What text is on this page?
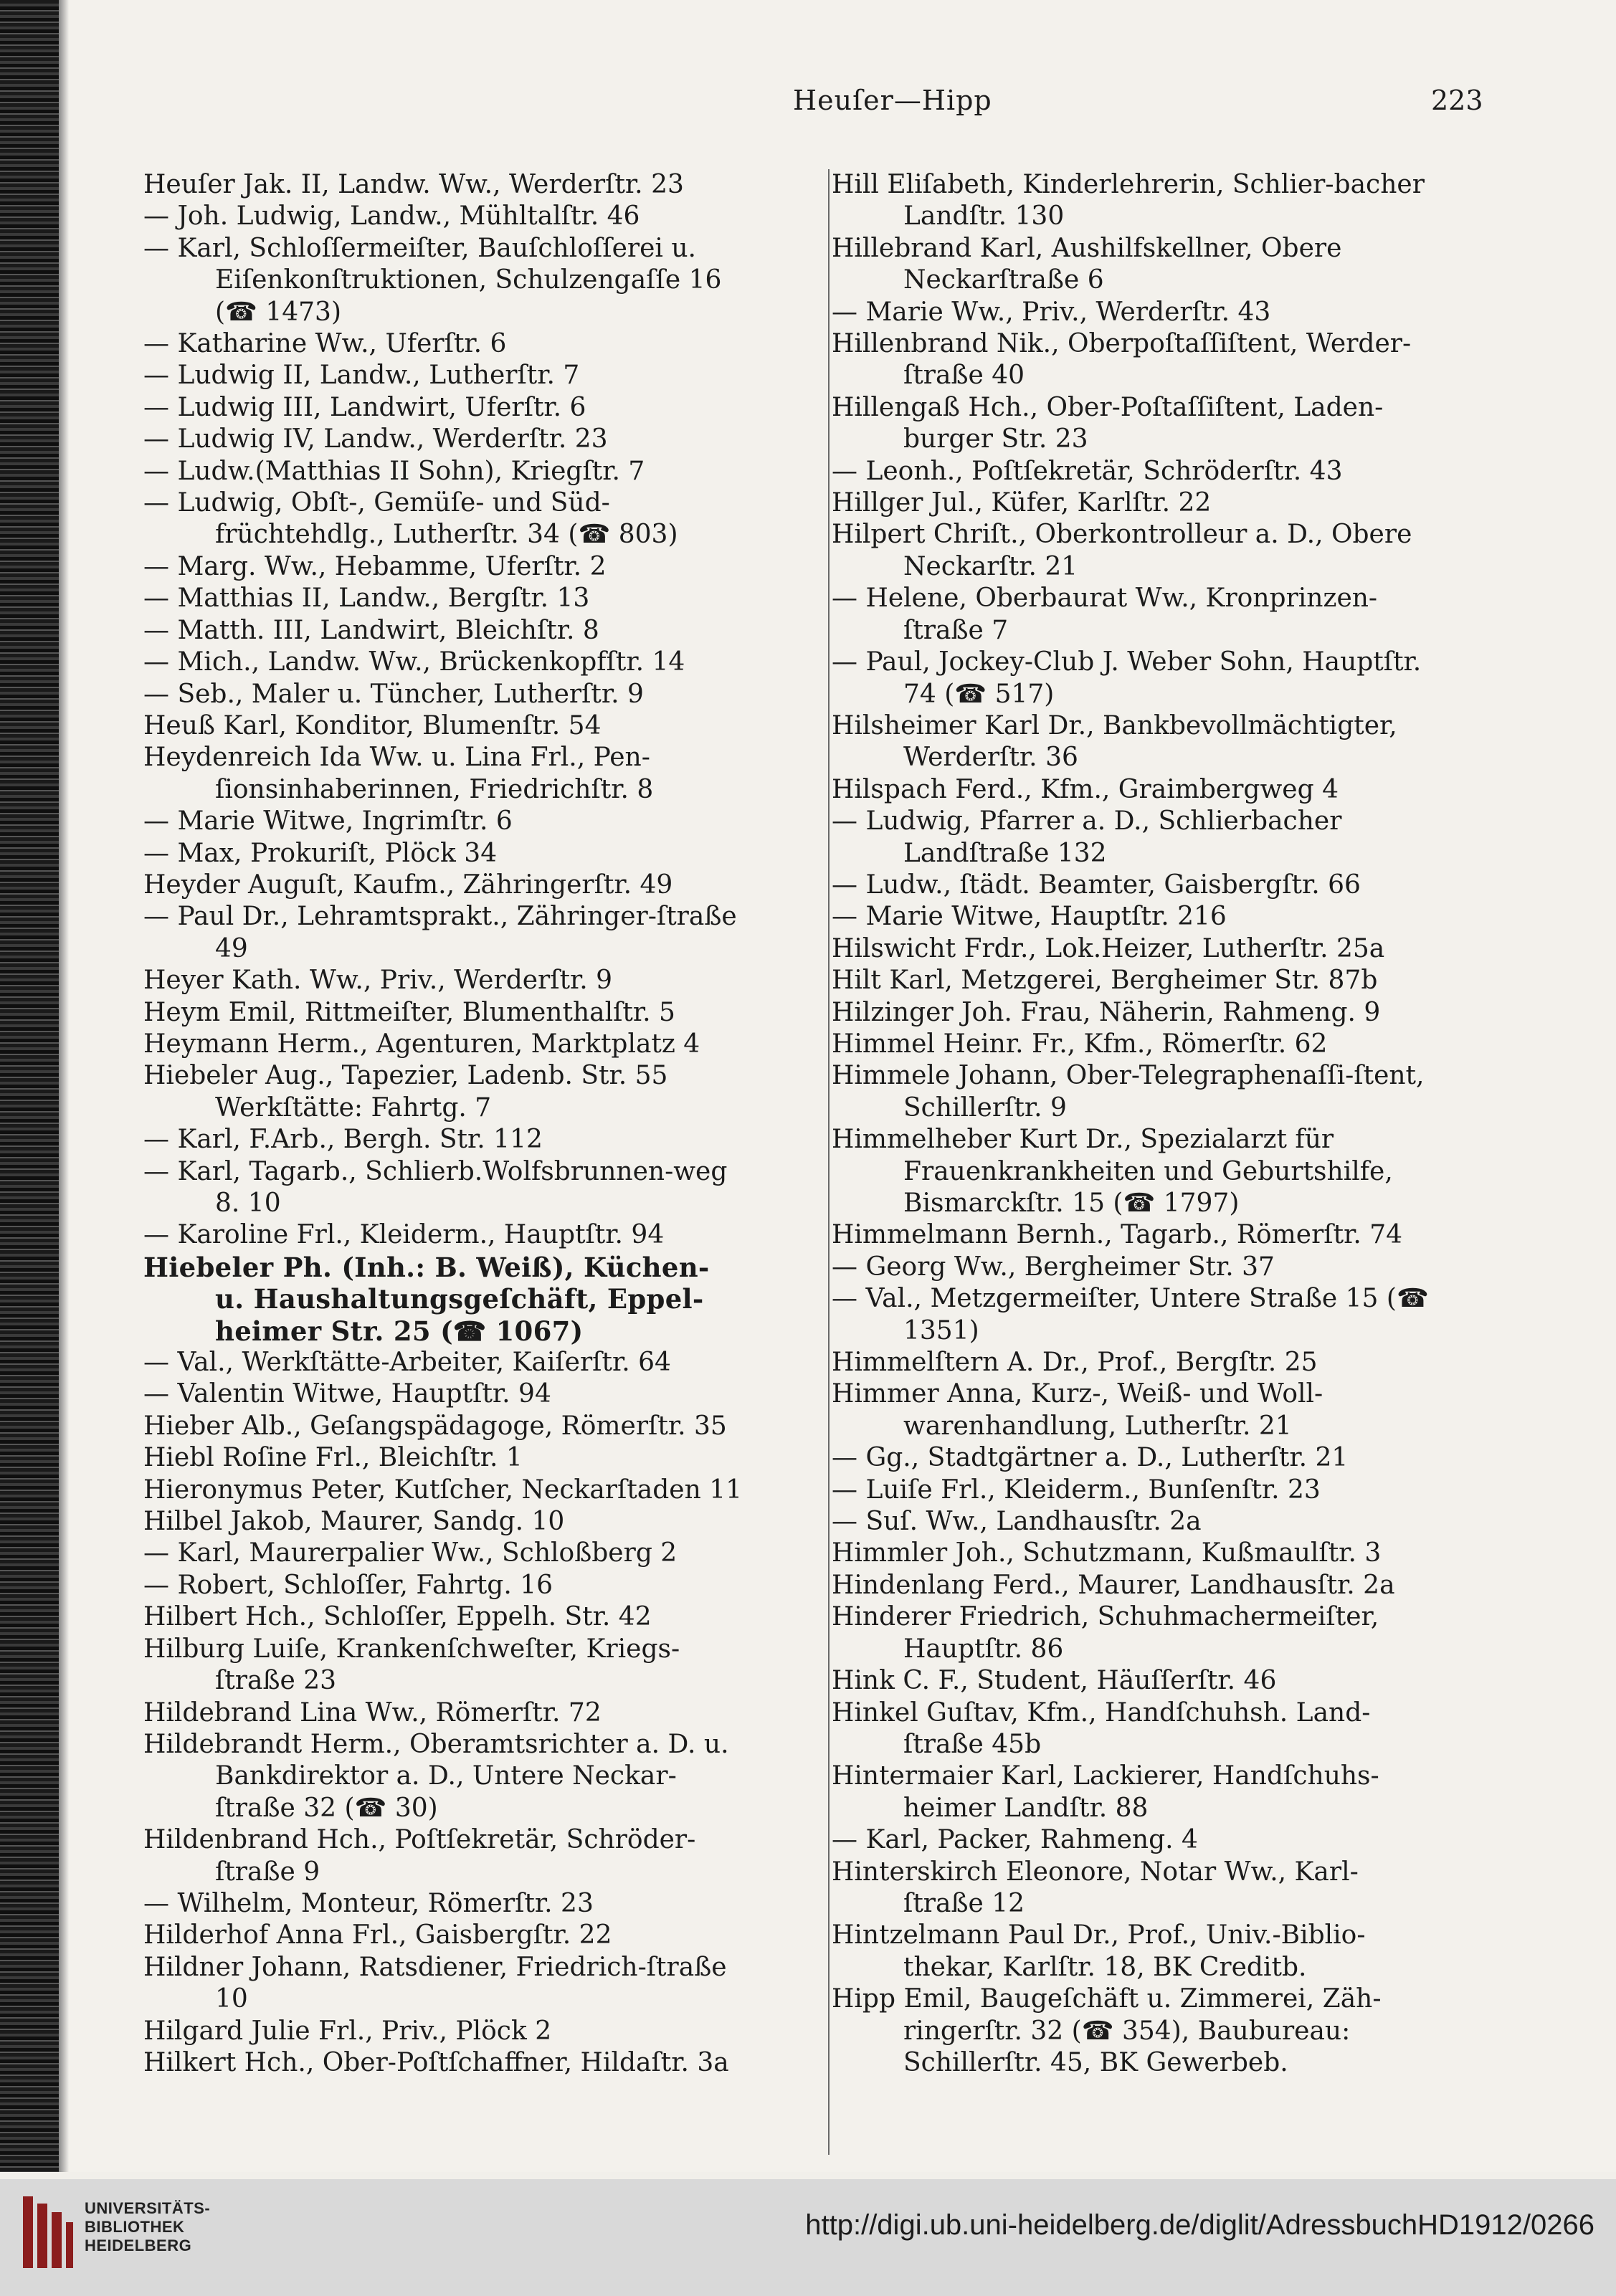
Heuſer—Hipp	223
Heuſer Jak. II, Landw. Ww., Werderſtr. 23
— Joh. Ludwig, Landw., Mühltalſtr. 46
— Karl, Schloſſermeiſter, Bauſchloſſerei u. Eiſenkonſtruktionen, Schulzengaſſe 16 (☎ 1473)
— Katharine Ww., Uferſtr. 6
— Ludwig II, Landw., Lutherſtr. 7
— Ludwig III, Landwirt, Uferſtr. 6
— Ludwig IV, Landw., Werderſtr. 23
— Ludw.(Matthias II Sohn), Kriegſtr. 7
— Ludwig, Obſt-, Gemüſe- und Süd-früchtehdlg., Lutherſtr. 34 (☎ 803)
— Marg. Ww., Hebamme, Uferſtr. 2
— Matthias II, Landw., Bergſtr. 13
— Matth. III, Landwirt, Bleichſtr. 8
— Mich., Landw. Ww., Brückenkopfſtr. 14
— Seb., Maler u. Tüncher, Lutherſtr. 9
Heuß Karl, Konditor, Blumenſtr. 54
Heydenreich Ida Ww. u. Lina Frl., Pen-ſionsinhaberinnen, Friedrichſtr. 8
— Marie Witwe, Ingrimſtr. 6
— Max, Prokuriſt, Plöck 34
Heyder Auguſt, Kaufm., Zähringerſtr. 49
— Paul Dr., Lehramtsprakt., Zähringer-ſtraße 49
Heyer Kath. Ww., Priv., Werderſtr. 9
Heym Emil, Rittmeiſter, Blumenthalſtr. 5
Heymann Herm., Agenturen, Marktplatz 4
Hiebeler Aug., Tapezier, Ladenb. Str. 55 Werkſtätte: Fahrtg. 7
— Karl, F.Arb., Bergh. Str. 112
— Karl, Tagarb., Schlierb.Wolfsbrunnen-weg 8. 10
— Karoline Frl., Kleiderm., Hauptſtr. 94
Hiebeler Ph. (Inh.: B. Weiß), Küchen- u. Haushaltungsgeſchäft, Eppel-heimer Str. 25 (☎ 1067)
— Val., Werkſtätte-Arbeiter, Kaiſerſtr. 64
— Valentin Witwe, Hauptſtr. 94
Hieber Alb., Geſangspädagoge, Römerſtr. 35
Hiebl Roſine Frl., Bleichſtr. 1
Hieronymus Peter, Kutſcher, Neckarſtaden 11
Hilbel Jakob, Maurer, Sandg. 10
— Karl, Maurerpalier Ww., Schloßberg 2
— Robert, Schloſſer, Fahrtg. 16
Hilbert Hch., Schloſſer, Eppelh. Str. 42
Hilburg Luiſe, Krankenſchweſter, Kriegs-ſtraße 23
Hildebrand Lina Ww., Römerſtr. 72
Hildebrandt Herm., Oberamtsrichter a. D. u. Bankdirektor a. D., Untere Neckar-ſtraße 32 (☎ 30)
Hildenbrand Hch., Poſtſekretär, Schröder-ſtraße 9
— Wilhelm, Monteur, Römerſtr. 23
Hilderhof Anna Frl., Gaisbergſtr. 22
Hildner Johann, Ratsdiener, Friedrich-ſtraße 10
Hilgard Julie Frl., Priv., Plöck 2
Hilkert Hch., Ober-Poſtſchaffner, Hildaſtr. 3a
Hill Eliſabeth, Kinderlehrerin, Schlier-bacher Landſtr. 130
Hillebrand Karl, Aushilfskellner, Obere Neckarſtraße 6
— Marie Ww., Priv., Werderſtr. 43
Hillenbrand Nik., Oberpoſtaſſiſtent, Werder-ſtraße 40
Hillengaß Hch., Ober-Poſtaſſiſtent, Laden-burger Str. 23
— Leonh., Poſtſekretär, Schröderſtr. 43
Hillger Jul., Küfer, Karlſtr. 22
Hilpert Chriſt., Oberkontrolleur a. D., Obere Neckarſtr. 21
— Helene, Oberbaurat Ww., Kronprinzen-ſtraße 7
— Paul, Jockey-Club J. Weber Sohn, Hauptſtr. 74 (☎ 517)
Hilsheimer Karl Dr., Bankbevollmächtigter, Werderſtr. 36
Hilspach Ferd., Kfm., Graimbergweg 4
— Ludwig, Pfarrer a. D., Schlierbacher Landſtraße 132
— Ludw., ſtädt. Beamter, Gaisbergſtr. 66
— Marie Witwe, Hauptſtr. 216
Hilswicht Frdr., Lok.Heizer, Lutherſtr. 25a
Hilt Karl, Metzgerei, Bergheimer Str. 87b
Hilzinger Joh. Frau, Näherin, Rahmeng. 9
Himmel Heinr. Fr., Kfm., Römerſtr. 62
Himmele Johann, Ober-Telegraphenaſſi-ſtent, Schillerſtr. 9
Himmelheber Kurt Dr., Spezialarzt für Frauenkrankheiten und Geburtshilfe, Bismarckſtr. 15 (☎ 1797)
Himmelmann Bernh., Tagarb., Römerſtr. 74
— Georg Ww., Bergheimer Str. 37
— Val., Metzgermeiſter, Untere Straße 15 (☎ 1351)
Himmelſtern A. Dr., Prof., Bergſtr. 25
Himmer Anna, Kurz-, Weiß- und Woll-warenhandlung, Lutherſtr. 21
— Gg., Stadtgärtner a. D., Lutherſtr. 21
— Luiſe Frl., Kleiderm., Bunſenſtr. 23
— Suſ. Ww., Landhausſtr. 2a
Himmler Joh., Schutzmann, Kußmaulſtr. 3
Hindenlang Ferd., Maurer, Landhausſtr. 2a
Hinderer Friedrich, Schuhmachermeiſter, Hauptſtr. 86
Hink C. F., Student, Häuſſerſtr. 46
Hinkel Guſtav, Kfm., Handſchuhsh. Land-ſtraße 45b
Hintermaier Karl, Lackierer, Handſchuhs-heimer Landſtr. 88
— Karl, Packer, Rahmeng. 4
Hinterskirch Eleonore, Notar Ww., Karl-ſtraße 12
Hintzelmann Paul Dr., Prof., Univ.-Biblio-thekar, Karlſtr. 18, BK Creditb.
Hipp Emil, Baugeſchäft u. Zimmerei, Zäh-ringerſtr. 32 (☎ 354), Baubureau: Schillerſtr. 45, BK Gewerbeb.
UNIVERSITÄTS-
BIBLIOTHEK
HEIDELBERG
http://digi.ub.uni-heidelberg.de/diglit/AdressbuchHD1912/0266
